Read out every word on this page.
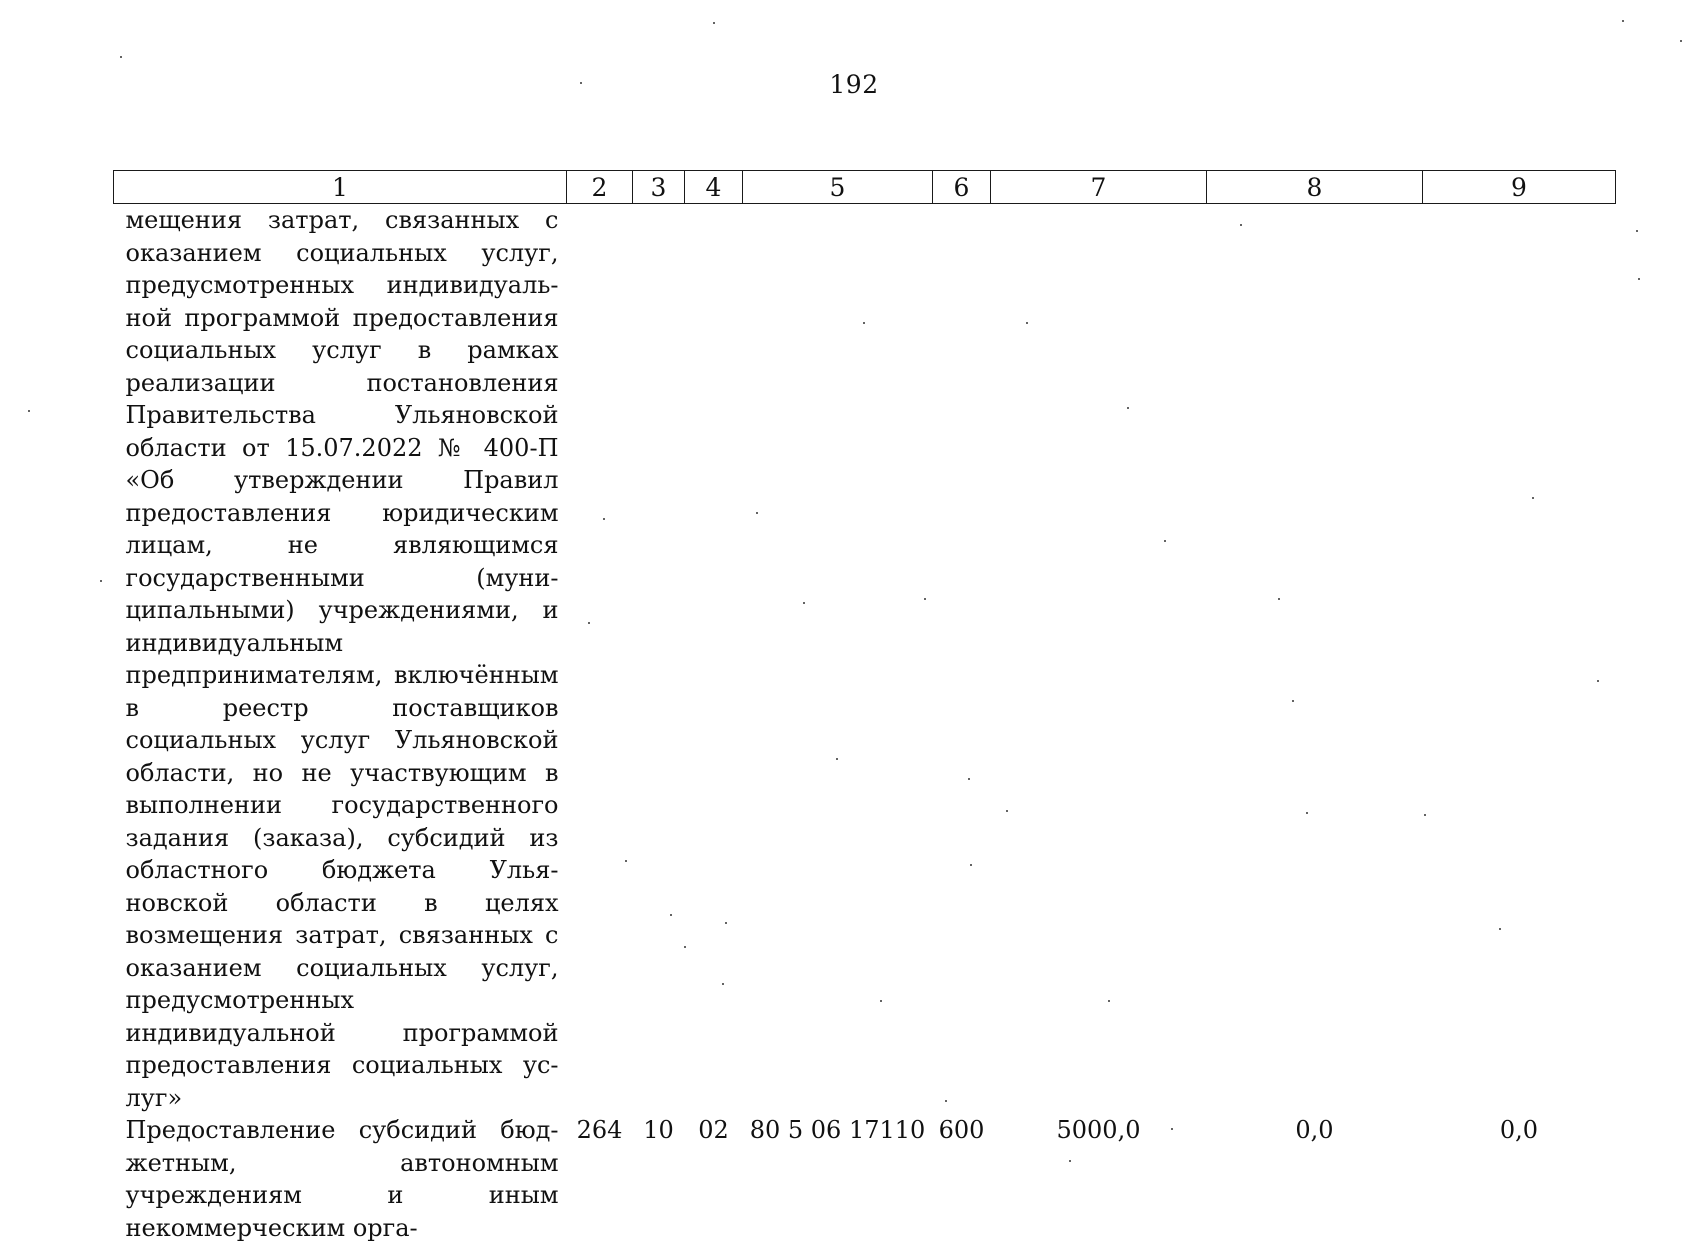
192
1	2	3	4	5	6	7	8	9
мещения затрат, связанных с оказанием социальных услуг, предусмотренных индивидуальной программой предоставления социальных услуг в рамках реализации постановления Правительства Ульяновской области от 15.07.2022 № 400-П «Об утверждении Правил предоставления юридическим лицам, не являющимся государственными (муниципальными) учреждениями, и индивидуальным предпринимателям, включённым в реестр поставщиков социальных услуг Ульяновской области, но не участвующим в выполнении государственного задания (заказа), субсидий из областного бюджета Ульяновской области в целях возмещения затрат, связанных с оказанием социальных услуг, предусмотренных индивидуальной программой предоставления социальных услуг»								
Предоставление субсидий бюджетным, автономным учреждениям и иным некоммерческим орга-	264	10	02	80 5 06 17110	600	5000,0	0,0	0,0
